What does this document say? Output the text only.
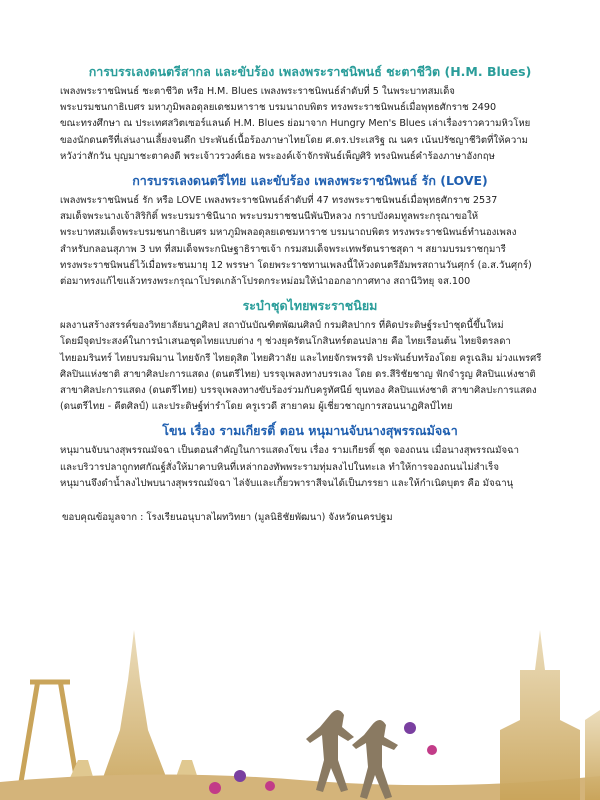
การบรรเลงดนตรีสากล และขับร้อง เพลงพระราชนิพนธ์ ชะตาชีวิต (H.M. Blues)

เพลงพระราชนิพนธ์ ชะตาชีวิต หรือ H.M. Blues เพลงพระราชนิพนธ์ลำดับที่ 5 ในพระบาทสมเด็จ
พระบรมชนกาธิเบศร มหาภูมิพลอดุลยเดชมหาราช บรมนาถบพิตร ทรงพระราชนิพนธ์เมื่อพุทธศักราช 2490
ขณะทรงศึกษา ณ ประเทศสวิตเซอร์แลนด์ H.M. Blues ย่อมาจาก Hungry Men's Blues เล่าเรื่องราวความหิวโหย
ของนักดนตรีที่เล่นงานเลี้ยงจนดึก ประพันธ์เนื้อร้องภาษาไทยโดย ศ.ดร.ประเสริฐ ณ นคร เน้นปรัชญาชีวิตที่ให้ความ
หวังว่าสักวัน บุญมาชะตาคงดี พระเจ้าวรวงศ์เธอ พระองค์เจ้าจักรพันธ์เพ็ญศิริ ทรงนิพนธ์คำร้องภาษาอังกฤษ

การบรรเลงดนตรีไทย และขับร้อง เพลงพระราชนิพนธ์ รัก (LOVE)

เพลงพระราชนิพนธ์ รัก หรือ LOVE เพลงพระราชนิพนธ์ลำดับที่ 47 ทรงพระราชนิพนธ์เมื่อพุทธศักราช 2537
สมเด็จพระนางเจ้าสิริกิติ์ พระบรมราชินีนาถ พระบรมราชชนนีพันปีหลวง กราบบังคมทูลพระกรุณาขอให้
พระบาทสมเด็จพระบรมชนกาธิเบศร มหาภูมิพลอดุลยเดชมหาราช บรมนาถบพิตร ทรงพระราชนิพนธ์ทำนองเพลง
สำหรับกลอนสุภาพ 3 บท ที่สมเด็จพระกนิษฐาธิราชเจ้า กรมสมเด็จพระเทพรัตนราชสุดา ฯ สยามบรมราชกุมารี
ทรงพระราชนิพนธ์ไว้เมื่อพระชนมายุ 12 พรรษา โดยพระราชทานเพลงนี้ให้วงดนตรีอัมพรสถานวันศุกร์ (อ.ส.วันศุกร์)
ต่อมาทรงแก้ไขแล้วทรงพระกรุณาโปรดเกล้าโปรดกระหม่อมให้นำออกอากาศทาง สถานีวิทยุ จส.100

ระบำชุดไทยพระราชนิยม

ผลงานสร้างสรรค์ของวิทยาลัยนาฏศิลป สถาบันบัณฑิตพัฒนศิลป์ กรมศิลปากร ที่คิดประดิษฐ์ระบำชุดนี้ขึ้นใหม่
โดยมีจุดประสงค์ในการนำเสนอชุดไทยแบบต่าง ๆ ช่วงยุครัตนโกสินทร์ตอนปลาย คือ ไทยเรือนต้น ไทยจิตรลดา
ไทยอมรินทร์ ไทยบรมพิมาน ไทยจักรี ไทยดุสิต ไทยศิวาลัย และไทยจักรพรรดิ ประพันธ์บทร้องโดย ครูเฉลิม ม่วงแพรศรี
ศิลปินแห่งชาติ สาขาศิลปะการแสดง (ดนตรีไทย) บรรจุเพลงทางบรรเลง โดย ดร.สีริชัยชาญ ฟักจำรูญ ศิลปินแห่งชาติ
สาขาศิลปะการแสดง (ดนตรีไทย) บรรจุเพลงทางขับร้องร่วมกับครูทัศนีย์ ขุนทอง ศิลปินแห่งชาติ สาขาศิลปะการแสดง
(ดนตรีไทย - คีตศิลป์) และประดิษฐ์ท่ารำโดย ครูเรวดี สายาคม ผู้เชี่ยวชาญการสอนนาฏศิลป์ไทย

โขน เรื่อง รามเกียรติ์ ตอน หนุมานจับนางสุพรรณมัจฉา

หนุมานจับนางสุพรรณมัจฉา เป็นตอนสำคัญในการแสดงโขน เรื่อง รามเกียรติ์ ชุด จองถนน เมื่อนางสุพรรณมัจฉา
และบริวารปลาถูกทศกัณฐ์สั่งให้มาคาบหินที่เหล่ากองทัพพระรามทุ่มลงไปในทะเล ทำให้การจองถนนไม่สำเร็จ
หนุมานจึงดำน้ำลงไปพบนางสุพรรณมัจฉา ไล่จับและเกี้ยวพาราสีจนได้เป็นภรรยา และให้กำเนิดบุตร คือ มัจฉานุ

ขอบคุณข้อมูลจาก : โรงเรียนอนุบาลไผทวิทยา (มูลนิธิชัยพัฒนา) จังหวัดนครปฐม
